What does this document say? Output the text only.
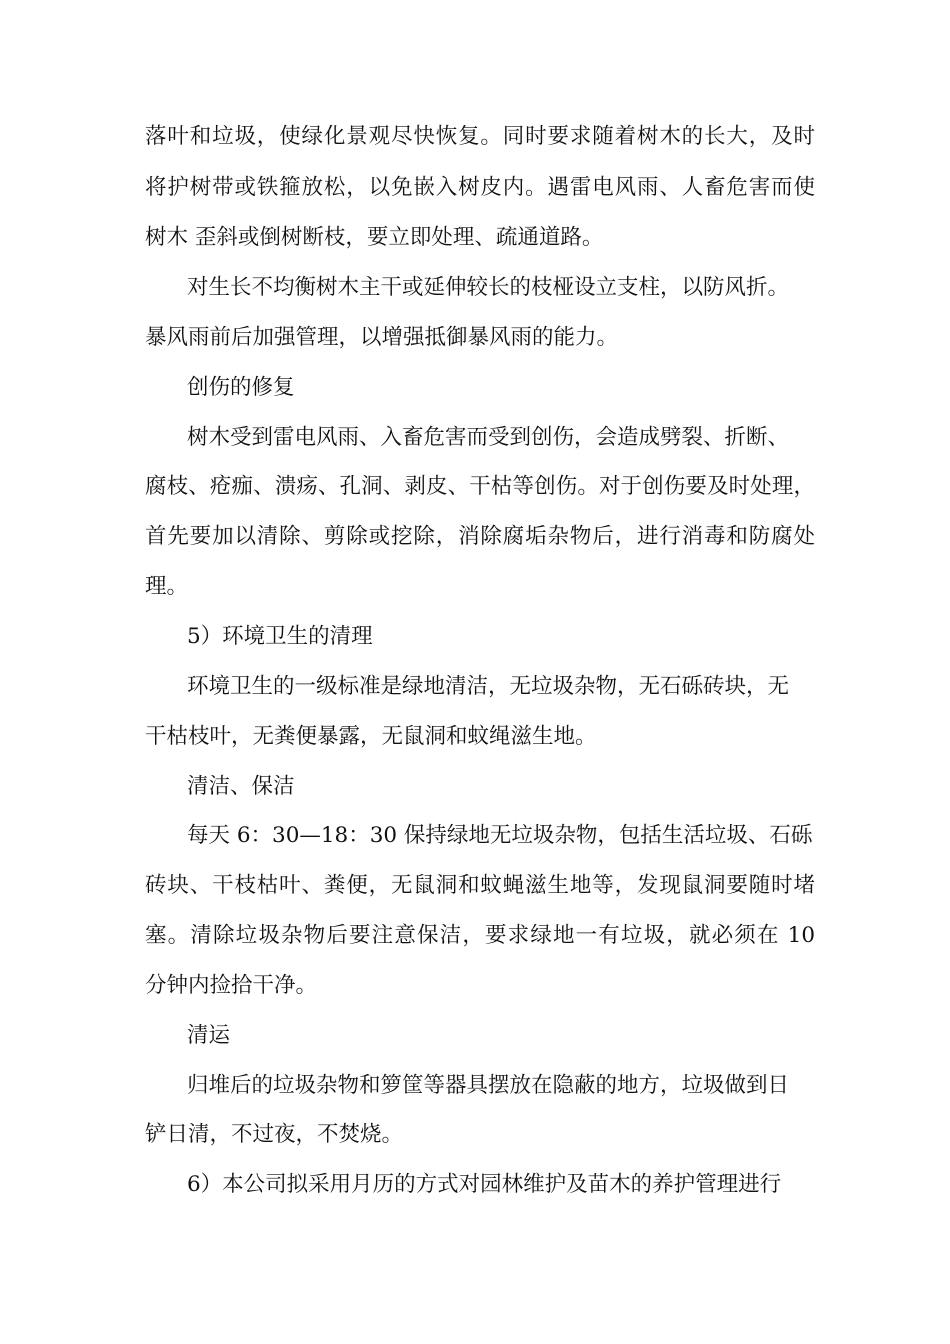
落叶和垃圾，使绿化景观尽快恢复。同时要求随着树木的长大，及时
将护树带或铁箍放松，以免嵌入树皮内。遇雷电风雨、人畜危害而使
树木 歪斜或倒树断枝，要立即处理、疏通道路。
对生长不均衡树木主干或延伸较长的枝桠设立支柱，以防风折。
暴风雨前后加强管理，以增强抵御暴风雨的能力。
创伤的修复
树木受到雷电风雨、入畜危害而受到创伤，会造成劈裂、折断、
腐枝、疮痂、溃疡、孔洞、剥皮、干枯等创伤。对于创伤要及时处理，
首先要加以清除、剪除或挖除，消除腐垢杂物后，进行消毒和防腐处
理。
5）环境卫生的清理
环境卫生的一级标准是绿地清洁，无垃圾杂物，无石砾砖块，无
干枯枝叶，无粪便暴露，无鼠洞和蚊绳滋生地。
清洁、保洁
每天 6：30—18：30 保持绿地无垃圾杂物，包括生活垃圾、石砾
砖块、干枝枯叶、粪便，无鼠洞和蚊蝇滋生地等，发现鼠洞要随时堵
塞。清除垃圾杂物后要注意保洁，要求绿地一有垃圾，就必须在 10
分钟内捡拾干净。
清运
归堆后的垃圾杂物和箩筐等器具摆放在隐蔽的地方，垃圾做到日
铲日清，不过夜，不焚烧。
6）本公司拟采用月历的方式对园林维护及苗木的养护管理进行
